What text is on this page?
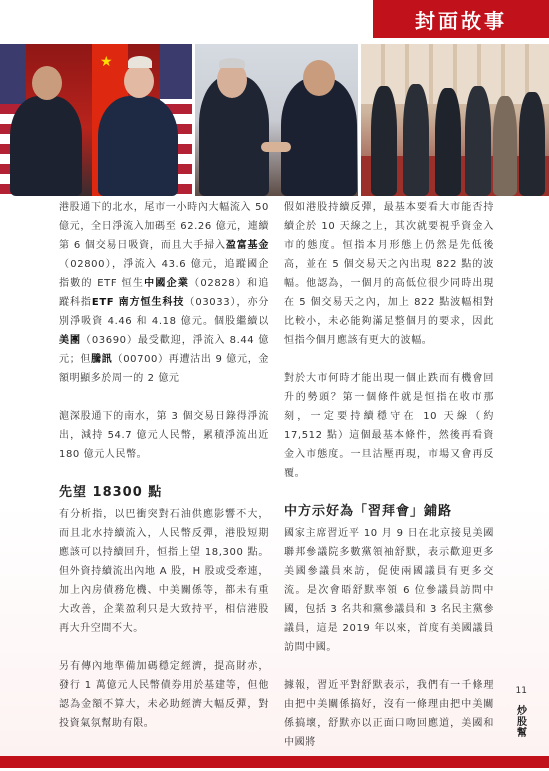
封面故事
★

港股通下的北水，尾市一小時內大幅流入 50 億元，全日淨流入加碼至 62.26 億元，連續第 6 個交易日吸資，而且大手掃入盈富基金（02800），淨流入 43.6 億元，追蹤國企指數的 ETF 恒生中國企業（02828）和追蹤科指ETF 南方恒生科技（03033），亦分別淨吸資 4.46 和 4.18 億元。個股繼續以美團（03690）最受歡迎，淨流入 8.44 億元；但騰訊（00700）再遭沽出 9 億元，金額明顯多於周一的 2 億元

滬深股通下的南水，第 3 個交易日錄得淨流出，減持 54.7 億元人民幣，累積淨流出近 180 億元人民幣。

先望 18300 點

有分析指，以巴衝突對石油供應影響不大，而且北水持續流入，人民幣反彈，港股短期應該可以持續回升，恒指上望 18,300 點。但外資持續流出內地 A 股，H 股或受牽連，加上內房債務危機、中美關係等，都未有重大改善，企業盈利只是大致持平，相信港股再大升空間不大。

另有傳內地準備加碼穩定經濟，提高財赤，發行 1 萬億元人民幣債券用於基建等，但他認為金額不算大，未必助經濟大幅反彈，對投資氣氛幫助有限。

假如港股持續反彈，最基本要看大市能否持續企於 10 天線之上，其次就要視乎資金入市的態度。恒指本月形態上仍然是先低後高，並在 5 個交易天之內出現 822 點的波幅。他認為，一個月的高低位很少同時出現在 5 個交易天之內，加上 822 點波幅相對比較小，未必能夠滿足整個月的要求，因此恒指今個月應該有更大的波幅。

對於大市何時才能出現一個止跌而有機會回升的勢頭？第一個條件就是恒指在收市那刻，一定要持續穩守在 10 天線（約 17,512 點）這個最基本條件，然後再看資金入市態度。一旦沽壓再現，市場又會再反覆。

中方示好為「習拜會」鋪路

國家主席習近平 10 月 9 日在北京接見美國聯邦參議院多數黨領袖舒默，表示歡迎更多美國參議員來訪，促使兩國議員有更多交流。是次會晤舒默率領 6 位參議員訪問中國，包括 3 名共和黨參議員和 3 名民主黨參議員，這是 2019 年以來，首度有美國議員訪問中國。

據報，習近平對舒默表示，我們有一千條理由把中美關係搞好，沒有一條理由把中美關係搞壞，舒默亦以正面口吻回應道，美國和中國將

11
炒股幫
